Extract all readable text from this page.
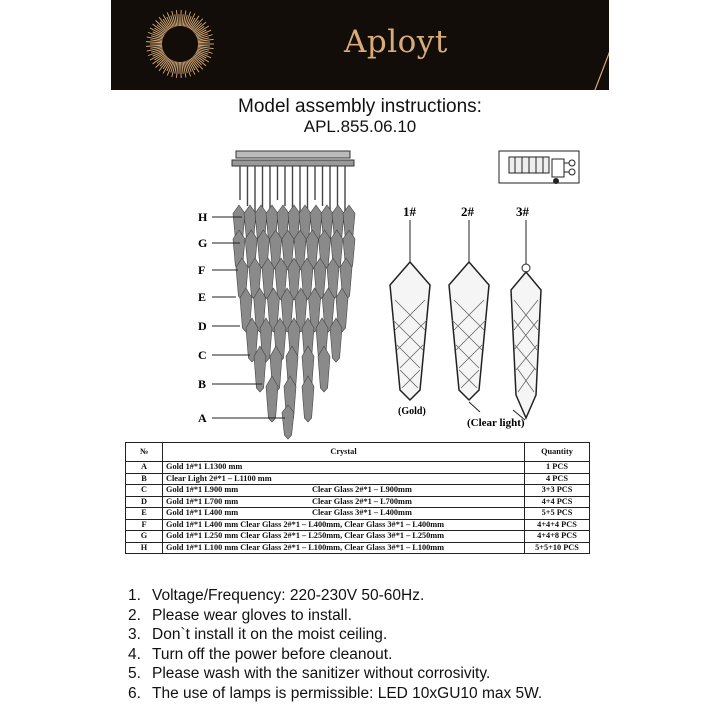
Aployt
Model assembly instructions:
APL.855.06.10
H
G
F
E
D
C
B
A
1#	2#	3#
(Gold)
(Clear light)
№	Crystal	Quantity
A	Gold 1#*1 L1300 mm	1 PCS
B	Clear Light 2#*1 – L1100 mm	4 PCS
C	Gold 1#*1 L900 mm Clear Glass 2#*1 – L900mm	3+3 PCS
D	Gold 1#*1 L700 mm Clear Glass 2#*1 – L700mm	4+4 PCS
E	Gold 1#*1 L400 mm Clear Glass 3#*1 – L400mm	5+5 PCS
F	Gold 1#*1 L400 mm Clear Glass 2#*1 – L400mm, Clear Glass 3#*1 – L400mm	4+4+4 PCS
G	Gold 1#*1 L250 mm Clear Glass 2#*1 – L250mm, Clear Glass 3#*1 – L250mm	4+4+8 PCS
H	Gold 1#*1 L100 mm Clear Glass 2#*1 – L100mm, Clear Glass 3#*1 – L100mm	5+5+10 PCS
1. Voltage/Frequency: 220-230V 50-60Hz.
2. Please wear gloves to install.
3. Don`t install it on the moist ceiling.
4. Turn off the power before cleanout.
5. Please wash with the sanitizer without corrosivity.
6. The use of lamps is permissible: LED 10xGU10 max 5W.
